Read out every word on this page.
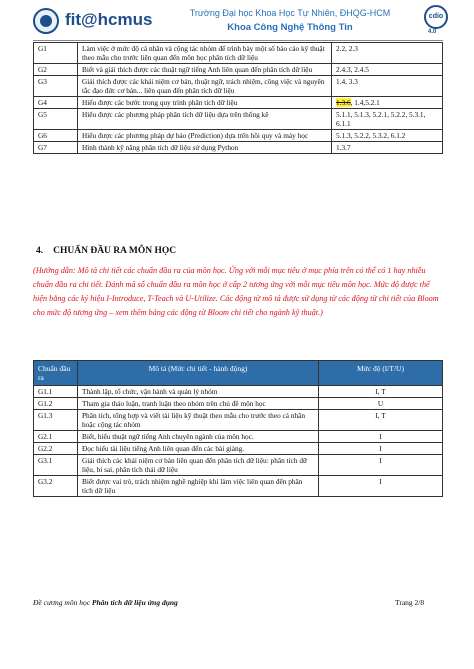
fit@hcmus	Trường Đại học Khoa Học Tự Nhiên, ĐHQG-HCM
Khoa Công Nghệ Thông Tin
cdio
4.0
G1	Làm việc ở mức độ cá nhân và cộng tác nhóm để trình bày một số báo cáo kỹ thuật theo mẫu cho trước liên quan đến môn học phân tích dữ liệu	2.2, 2.3
G2	Biết và giải thích được các thuật ngữ tiếng Anh liên quan đến phân tích dữ liệu	2.4.3, 2.4.5
G3	Giải thích được các khái niệm cơ bản, thuật ngữ, trách nhiệm, công việc và nguyên tắc đạo đức cơ bản... liên quan đến phân tích dữ liệu	1.4, 3.3
G4	Hiểu được các bước trong quy trình phân tích dữ liệu	1.3.6, 1.4,5.2.1
G5	Hiểu được các phương pháp phân tích dữ liệu dựa trên thống kê	5.1.1, 5.1.3, 5.2.1, 5.2.2, 5.3.1, 6.1.1
G6	Hiểu được các phương pháp dự báo (Prediction) dựa trên hồi quy và máy học	5.1.3, 5.2.2, 5.3.2, 6.1.2
G7	Hình thành kỹ năng phân tích dữ liệu sử dụng Python	1.3.7
4. CHUẨN ĐẦU RA MÔN HỌC
(Hướng dẫn: Mô tả chi tiết các chuẩn đầu ra của môn học. Ứng với mỗi mục tiêu ở mục phía trên có thể có 1 hay nhiều chuẩn đầu ra chi tiết. Đánh mã số chuẩn đầu ra môn học ở cấp 2 tương ứng với mỗi mục tiêu môn học. Mức độ được thể hiện bằng các ký hiệu I-Introduce, T-Teach và U-Utilize. Các động từ mô tả được sử dụng từ các động từ chi tiết của Bloom cho mức độ tương ứng – xem thêm bảng các động từ Bloom chi tiết cho ngành kỹ thuật.)
Chuẩn đầu ra	Mô tả (Mức chi tiết - hành động)	Mức độ (I/T/U)
G1.1	Thành lập, tổ chức, vận hành và quản lý nhóm	I, T
G1.2	Tham gia thảo luận, tranh luận theo nhóm trên chủ đề môn học	U
G1.3	Phân tích, tổng hợp và viết tài liệu kỹ thuật theo mẫu cho trước theo cá nhân hoặc cộng tác nhóm	I, T
G2.1	Biết, hiểu thuật ngữ tiếng Anh chuyên ngành của môn học.	I
G2.2	Đọc hiểu tài liệu tiếng Anh liên quan đến các bài giảng.	I
G3.1	Giải thích các khái niệm cơ bản liên quan đến phân tích dữ liệu: phân tích dữ liệu, bi sai, phân tích thái dữ liệu	I
G3.2	Biết được vai trò, trách nhiệm nghề nghiệp khi làm việc liên quan đến phân tích dữ liệu	I
Đề cương môn học Phân tích dữ liệu ứng dụng	Trang 2/8
